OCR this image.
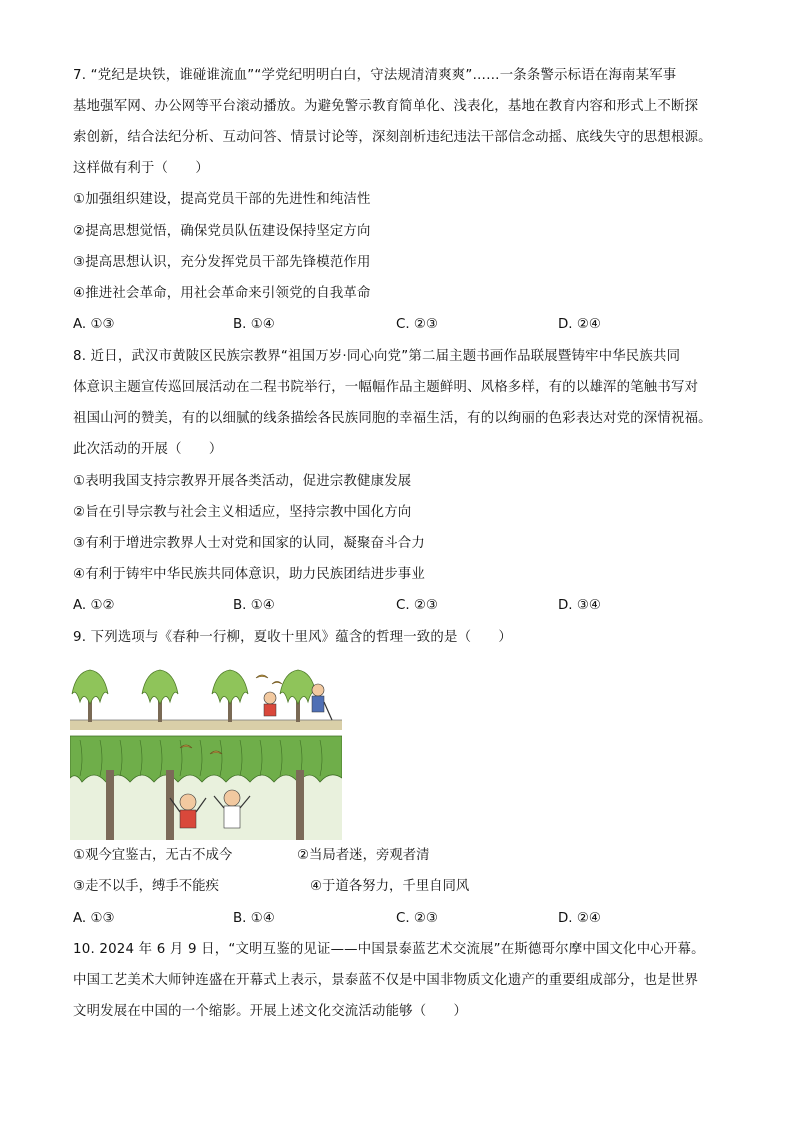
7. “党纪是块铁，谁碰谁流血”“学党纪明明白白，守法规清清爽爽”……一条条警示标语在海南某军事
基地强军网、办公网等平台滚动播放。为避免警示教育简单化、浅表化，基地在教育内容和形式上不断探
索创新，结合法纪分析、互动问答、情景讨论等，深刻剖析违纪违法干部信念动摇、底线失守的思想根源。
这样做有利于（　　）
①加强组织建设，提高党员干部的先进性和纯洁性
②提高思想觉悟，确保党员队伍建设保持坚定方向
③提高思想认识，充分发挥党员干部先锋模范作用
④推进社会革命，用社会革命来引领党的自我革命
A. ①③	B. ①④	C. ②③	D. ②④
8. 近日，武汉市黄陂区民族宗教界“祖国万岁·同心向党”第二届主题书画作品联展暨铸牢中华民族共同
体意识主题宣传巡回展活动在二程书院举行，一幅幅作品主题鲜明、风格多样，有的以雄浑的笔触书写对
祖国山河的赞美，有的以细腻的线条描绘各民族同胞的幸福生活，有的以绚丽的色彩表达对党的深情祝福。
此次活动的开展（　　）
①表明我国支持宗教界开展各类活动，促进宗教健康发展
②旨在引导宗教与社会主义相适应，坚持宗教中国化方向
③有利于增进宗教界人士对党和国家的认同，凝聚奋斗合力
④有利于铸牢中华民族共同体意识，助力民族团结进步事业
A. ①②	B. ①④	C. ②③	D. ③④
9. 下列选项与《春种一行柳，夏收十里风》蕴含的哲理一致的是（　　）
①观今宜鉴古，无古不成今	②当局者迷，旁观者清
③走不以手，缚手不能疾	④于道各努力，千里自同风
A. ①③	B. ①④	C. ②③	D. ②④
10. 2024 年 6 月 9 日，“文明互鉴的见证——中国景泰蓝艺术交流展”在斯德哥尔摩中国文化中心开幕。
中国工艺美术大师钟连盛在开幕式上表示，景泰蓝不仅是中国非物质文化遗产的重要组成部分，也是世界
文明发展在中国的一个缩影。开展上述文化交流活动能够（　　）
